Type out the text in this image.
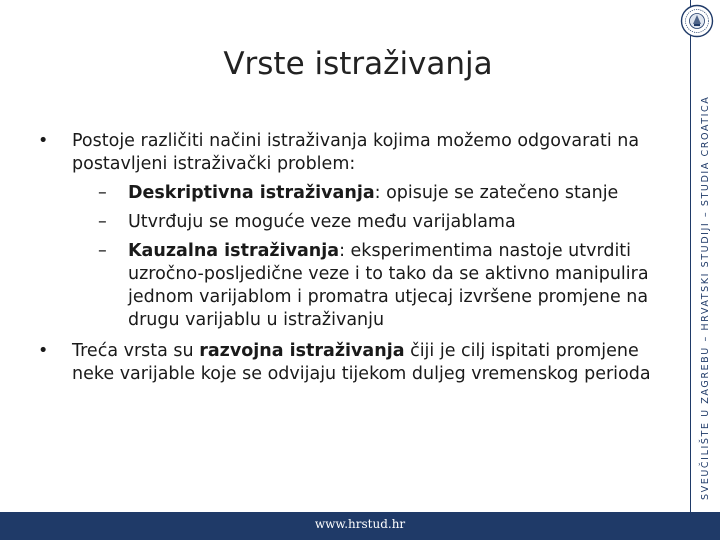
SVEUČILIŠTE U ZAGREBU – HRVATSKI STUDIJI – STUDIA CROATICA
Vrste istraživanja
• Postoje različiti načini istraživanja kojima možemo odgovarati na postavljeni istraživački problem:
– Deskriptivna istraživanja: opisuje se zatečeno stanje
– Utvrđuju se moguće veze među varijablama
– Kauzalna istraživanja: eksperimentima nastoje utvrditi uzročno-posljedične veze i to tako da se aktivno manipulira jednom varijablom i promatra utjecaj izvršene promjene na drugu varijablu u istraživanju
• Treća vrsta su razvojna istraživanja čiji je cilj ispitati promjene neke varijable koje se odvijaju tijekom duljeg vremenskog perioda
www.hrstud.hr
